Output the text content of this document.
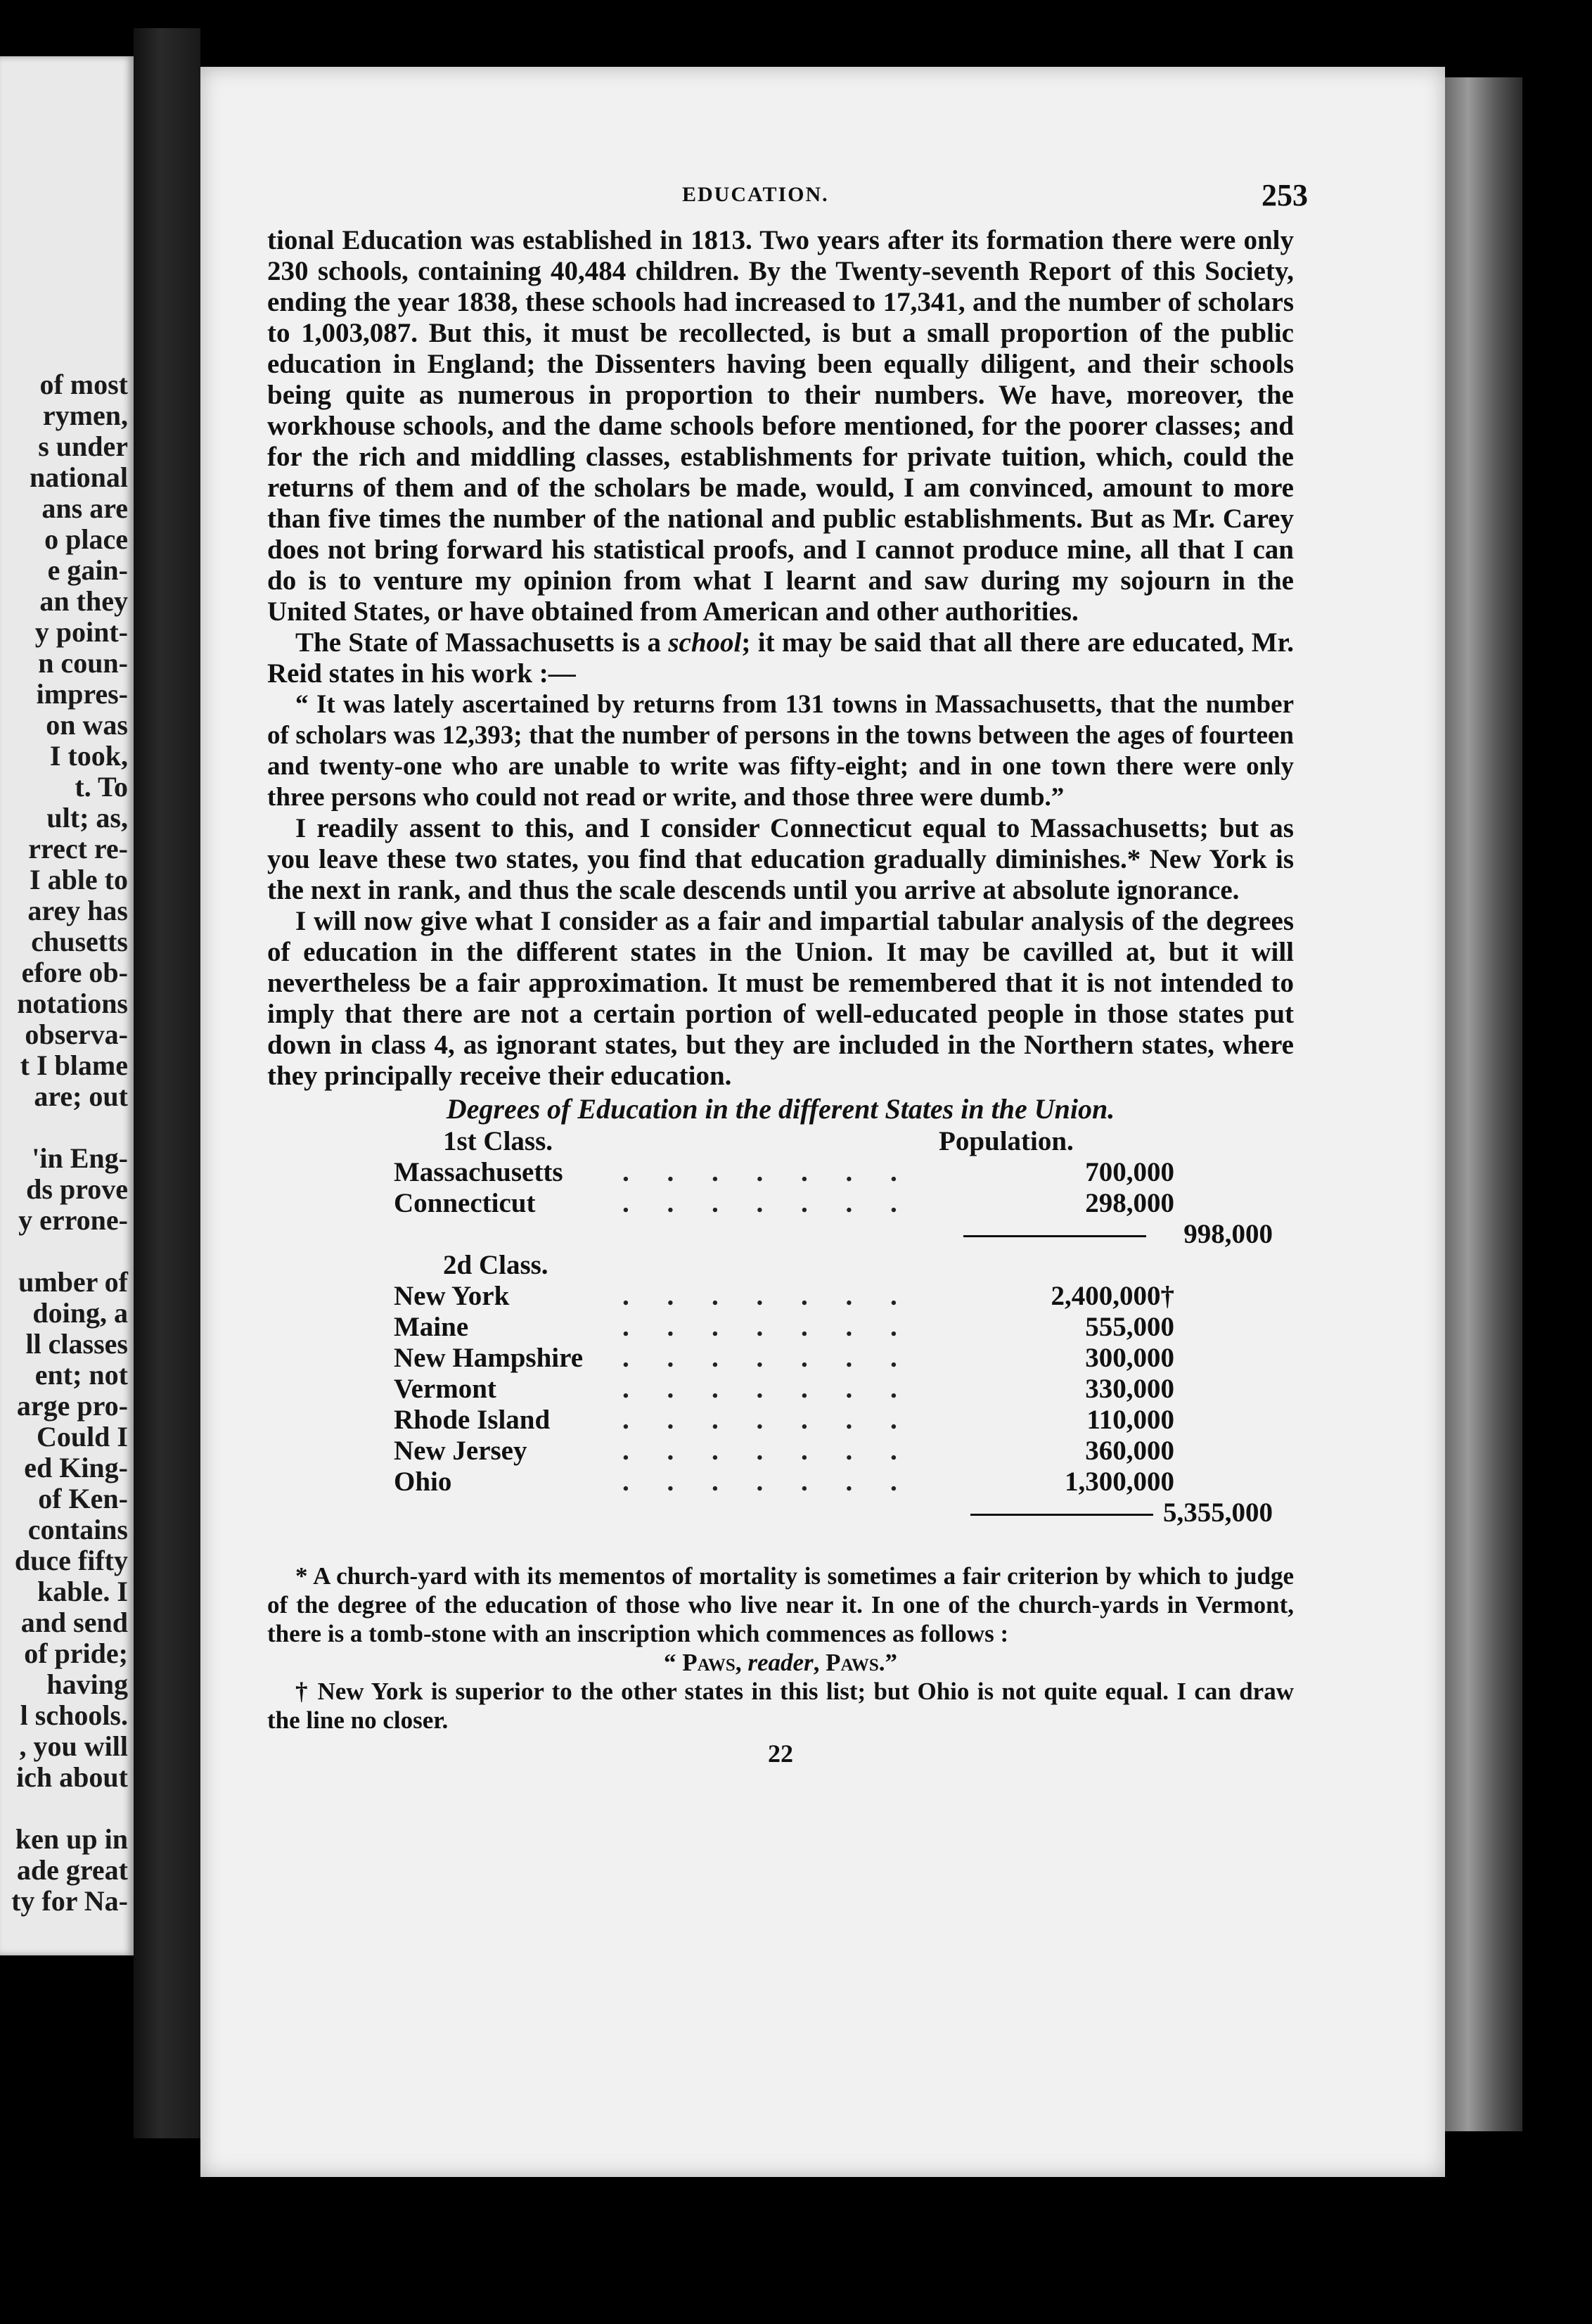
of most
rymen,
s under
national
ans are
o place
e gain-
an they
y point-
n coun-
impres-
on was
I took,
t. To
ult; as,
rrect re-
I able to
arey has
chusetts
efore ob-
notations
observa-
t I blame
are; out
'in Eng-
ds prove
y errone-
umber of
doing, a
ll classes
ent; not
arge pro-
Could I
ed King-
of Ken-
contains
duce fifty
kable. I
and send
of pride;
having
l schools.
, you will
ich about
ken up in
ade great
ty for Na-
EDUCATION.	253

tional Education was established in 1813. Two years after its formation there were only 230 schools, containing 40,484 children. By the Twenty-seventh Report of this Society, ending the year 1838, these schools had increased to 17,341, and the number of scholars to 1,003,087. But this, it must be recollected, is but a small proportion of the public education in England; the Dissenters having been equally diligent, and their schools being quite as numerous in proportion to their numbers. We have, moreover, the workhouse schools, and the dame schools before mentioned, for the poorer classes; and for the rich and middling classes, establishments for private tuition, which, could the returns of them and of the scholars be made, would, I am convinced, amount to more than five times the number of the national and public establishments. But as Mr. Carey does not bring forward his statistical proofs, and I cannot produce mine, all that I can do is to venture my opinion from what I learnt and saw during my sojourn in the United States, or have obtained from American and other authorities.

The State of Massachusetts is a school; it may be said that all there are educated, Mr. Reid states in his work :—

“ It was lately ascertained by returns from 131 towns in Massachusetts, that the number of scholars was 12,393; that the number of persons in the towns between the ages of fourteen and twenty-one who are unable to write was fifty-eight; and in one town there were only three persons who could not read or write, and those three were dumb.”

I readily assent to this, and I consider Connecticut equal to Massachusetts; but as you leave these two states, you find that education gradually diminishes.* New York is the next in rank, and thus the scale descends until you arrive at absolute ignorance.

I will now give what I consider as a fair and impartial tabular analysis of the degrees of education in the different states in the Union. It may be cavilled at, but it will nevertheless be a fair approximation. It must be remembered that it is not intended to imply that there are not a certain portion of well-educated people in those states put down in class 4, as ignorant states, but they are included in the Northern states, where they principally receive their education.

Degrees of Education in the different States in the Union.
1st Class.	Population.
Massachusetts . . . . . . .	700,000
Connecticut	. . . . . . .	298,000
998,000
2d Class.
New York	. . . . . . .	2,400,000†
Maine	. . . . . . .	555,000
New Hampshire . . . . . . .	300,000
Vermont	. . . . . . .	330,000
Rhode Island	. . . . . . .	110,000
New Jersey	. . . . . . .	360,000
Ohio	. . . . . . .	1,300,000
5,355,000

* A church-yard with its mementos of mortality is sometimes a fair criterion by which to judge of the degree of the education of those who live near it. In one of the church-yards in Vermont, there is a tomb-stone with an inscription which commences as follows :

“ Paws, reader, Paws.”

† New York is superior to the other states in this list; but Ohio is not quite equal. I can draw the line no closer.

22
